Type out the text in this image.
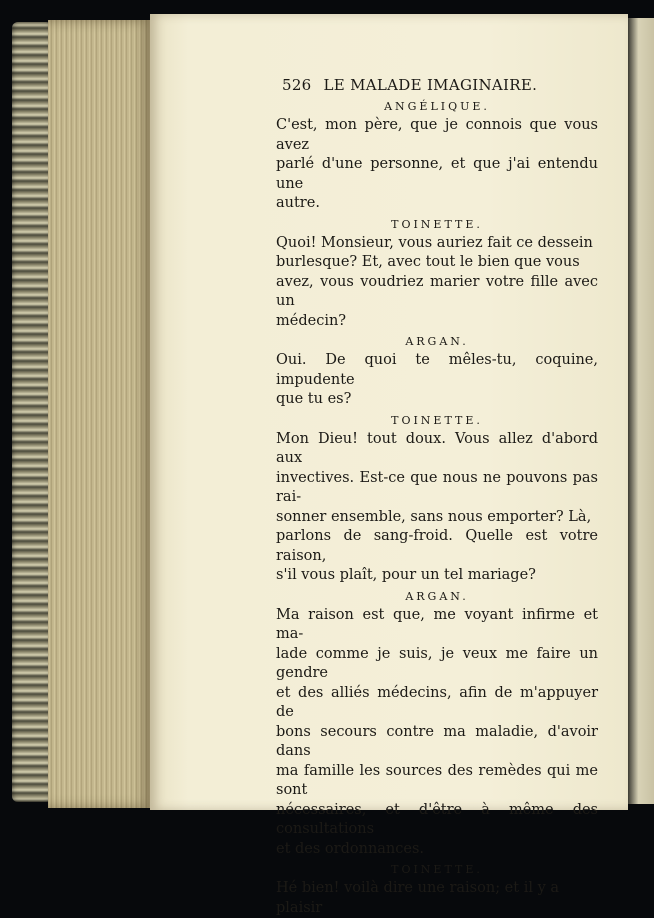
526 LE MALADE IMAGINAIRE.
ANGÉLIQUE.

C'est, mon père, que je connois que vous avez
parlé d'une personne, et que j'ai entendu une
autre.

TOINETTE.

Quoi! Monsieur, vous auriez fait ce dessein
burlesque? Et, avec tout le bien que vous
avez, vous voudriez marier votre fille avec un
médecin?

ARGAN.

Oui. De quoi te mêles-tu, coquine, impudente
que tu es?

TOINETTE.

Mon Dieu! tout doux. Vous allez d'abord aux
invectives. Est-ce que nous ne pouvons pas rai-
sonner ensemble, sans nous emporter? Là,
parlons de sang-froid. Quelle est votre raison,
s'il vous plaît, pour un tel mariage?

ARGAN.

Ma raison est que, me voyant infirme et ma-
lade comme je suis, je veux me faire un gendre
et des alliés médecins, afin de m'appuyer de
bons secours contre ma maladie, d'avoir dans
ma famille les sources des remèdes qui me sont
nécessaires, et d'être à même des consultations
et des ordonnances.

TOINETTE.

Hé bien! voilà dire une raison; et il y a plaisir
